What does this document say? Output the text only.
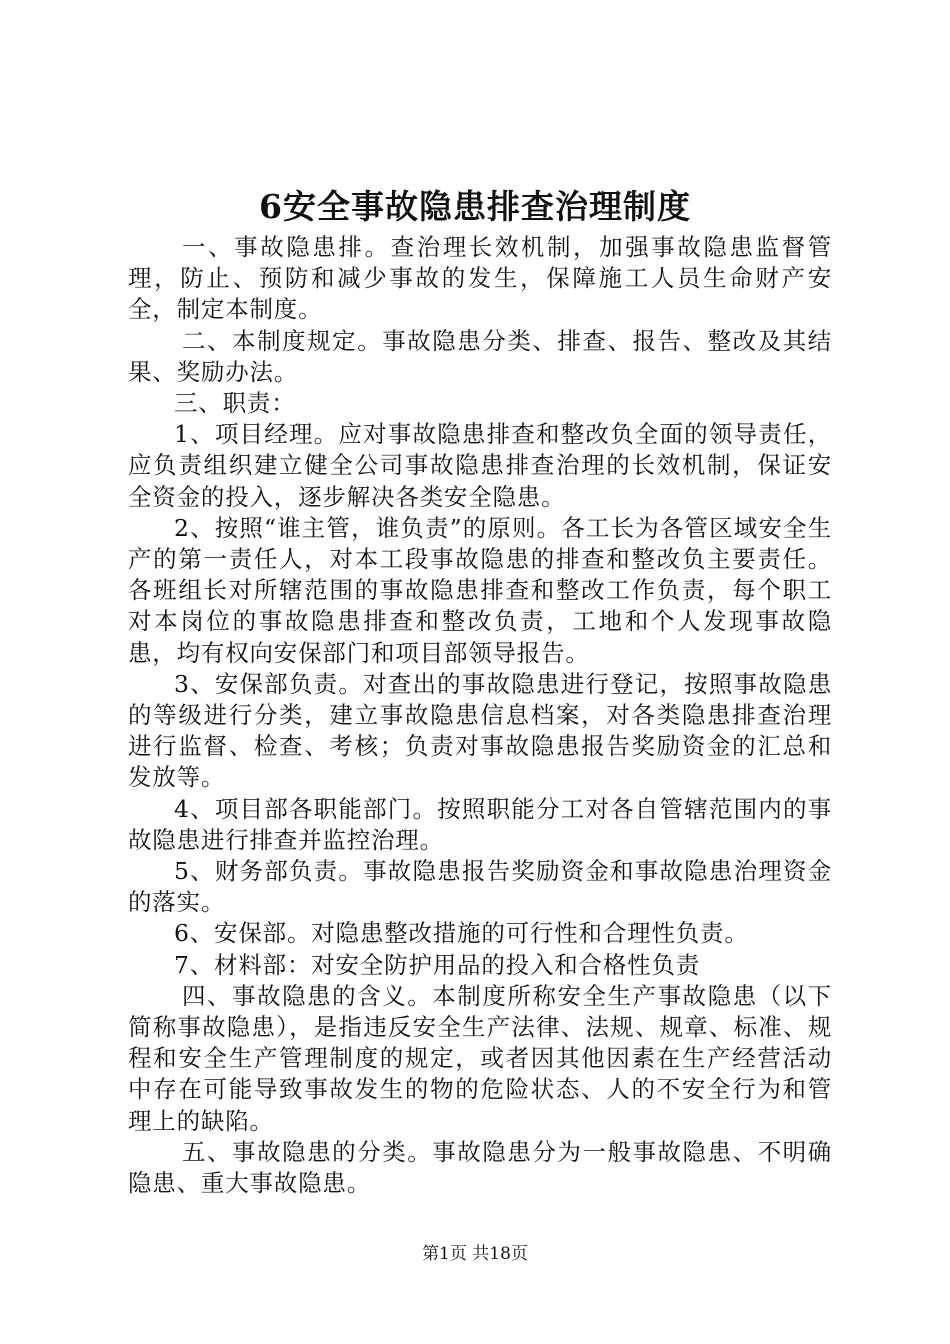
6安全事故隐患排查治理制度

一、事故隐患排。查治理长效机制，加强事故隐患监督管理，防止、预防和减少事故的发生，保障施工人员生命财产安全，制定本制度。

二、本制度规定。事故隐患分类、排查、报告、整改及其结果、奖励办法。

三、职责：

1、项目经理。应对事故隐患排查和整改负全面的领导责任，应负责组织建立健全公司事故隐患排查治理的长效机制，保证安全资金的投入，逐步解决各类安全隐患。

2、按照“谁主管，谁负责”的原则。各工长为各管区域安全生产的第一责任人，对本工段事故隐患的排查和整改负主要责任。各班组长对所辖范围的事故隐患排查和整改工作负责，每个职工对本岗位的事故隐患排查和整改负责，工地和个人发现事故隐患，均有权向安保部门和项目部领导报告。

3、安保部负责。对查出的事故隐患进行登记，按照事故隐患的等级进行分类，建立事故隐患信息档案，对各类隐患排查治理进行监督、检查、考核；负责对事故隐患报告奖励资金的汇总和发放等。

4、项目部各职能部门。按照职能分工对各自管辖范围内的事故隐患进行排查并监控治理。

5、财务部负责。事故隐患报告奖励资金和事故隐患治理资金的落实。

6、安保部。对隐患整改措施的可行性和合理性负责。

7、材料部：对安全防护用品的投入和合格性负责

四、事故隐患的含义。本制度所称安全生产事故隐患（以下简称事故隐患），是指违反安全生产法律、法规、规章、标准、规程和安全生产管理制度的规定，或者因其他因素在生产经营活动中存在可能导致事故发生的物的危险状态、人的不安全行为和管理上的缺陷。

五、事故隐患的分类。事故隐患分为一般事故隐患、不明确隐患、重大事故隐患。

第1页 共18页
